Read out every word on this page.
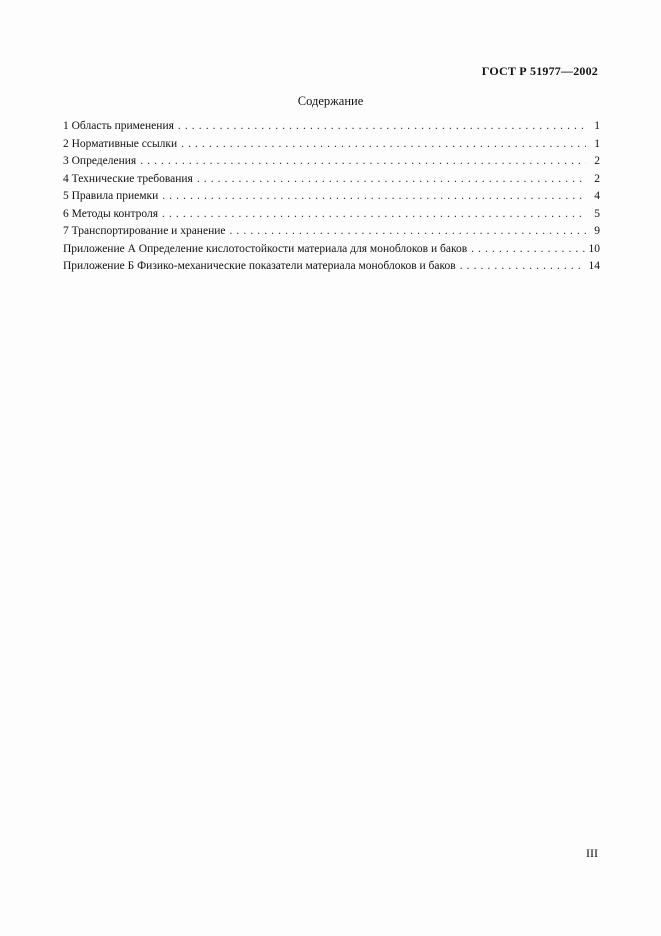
ГОСТ Р 51977—2002
Содержание
1 Область применения . . .	1
2 Нормативные ссылки . . .	1
3 Определения . . .	2
4 Технические требования . . .	2
5 Правила приемки . . .	4
6 Методы контроля . . .	5
7 Транспортирование и хранение . . .	9
Приложение А Определение кислотостойкости материала для моноблоков и баков . . .	10
Приложение Б Физико-механические показатели материала моноблоков и баков . . .	14
III
